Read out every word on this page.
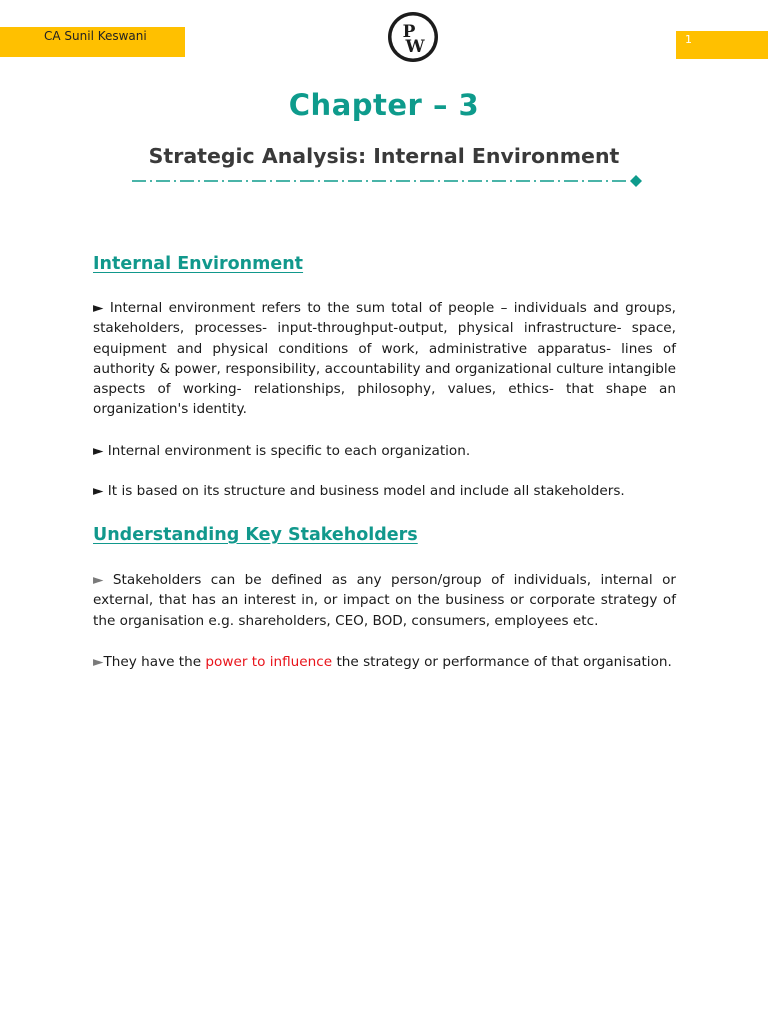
CA Sunil Keswani	1
P
W
Chapter – 3
Strategic Analysis: Internal Environment
Internal Environment

► Internal environment refers to the sum total of people – individuals and groups, stakeholders, processes- input-throughput-output, physical infrastructure- space, equipment and physical conditions of work, administrative apparatus- lines of authority & power, responsibility, accountability and organizational culture intangible aspects of working- relationships, philosophy, values, ethics- that shape an organization's identity.

► Internal environment is specific to each organization.

► It is based on its structure and business model and include all stakeholders.

Understanding Key Stakeholders

► Stakeholders can be defined as any person/group of individuals, internal or external, that has an interest in, or impact on the business or corporate strategy of the organisation e.g. shareholders, CEO, BOD, consumers, employees etc.

►They have the power to influence the strategy or performance of that organisation.
